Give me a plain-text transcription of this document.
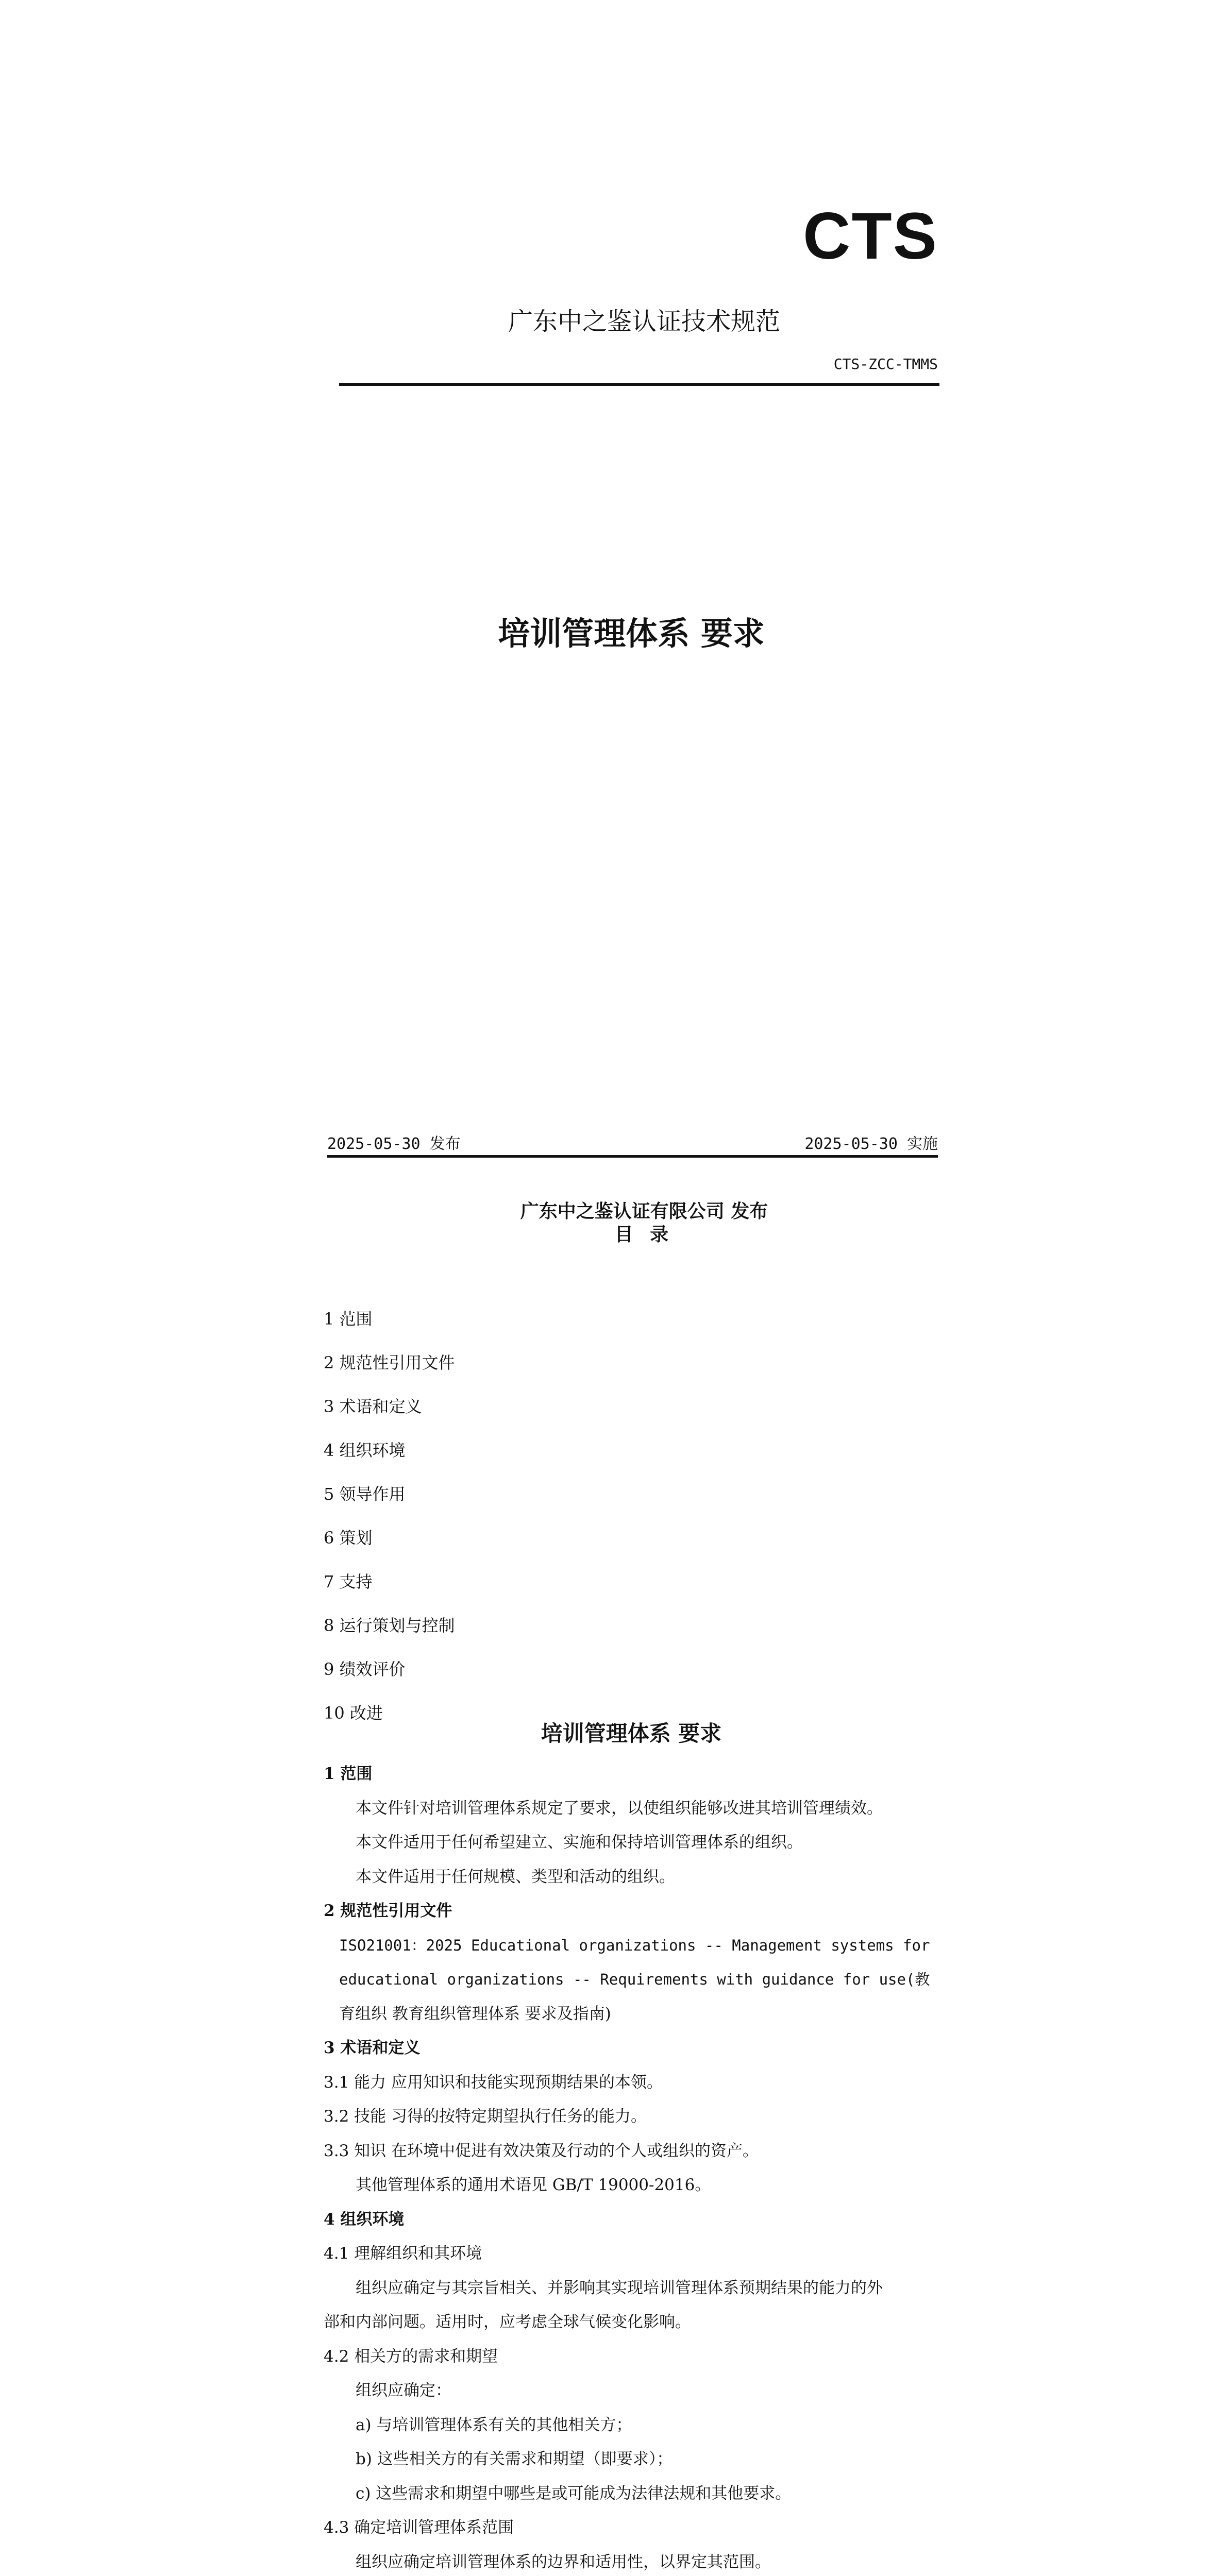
CTS
广东中之鉴认证技术规范
CTS-ZCC-TMMS
培训管理体系 要求
2025-05-30 发布	2025-05-30 实施
广东中之鉴认证有限公司 发布
目 录
1 范围
2 规范性引用文件
3 术语和定义
4 组织环境
5 领导作用
6 策划
7 支持
8 运行策划与控制
9 绩效评价
10 改进
培训管理体系 要求
1 范围
本文件针对培训管理体系规定了要求，以使组织能够改进其培训管理绩效。
本文件适用于任何希望建立、实施和保持培训管理体系的组织。
本文件适用于任何规模、类型和活动的组织。
2 规范性引用文件
ISO21001：2025 Educational organizations -- Management systems for
educational organizations -- Requirements with guidance for use(教
育组织 教育组织管理体系 要求及指南)
3 术语和定义
3.1 能力 应用知识和技能实现预期结果的本领。
3.2 技能 习得的按特定期望执行任务的能力。
3.3 知识 在环境中促进有效决策及行动的个人或组织的资产。
其他管理体系的通用术语见 GB/T 19000-2016。
4 组织环境
4.1 理解组织和其环境
组织应确定与其宗旨相关、并影响其实现培训管理体系预期结果的能力的外
部和内部问题。适用时，应考虑全球气候变化影响。
4.2 相关方的需求和期望
组织应确定：
a) 与培训管理体系有关的其他相关方；
b) 这些相关方的有关需求和期望（即要求）；
c) 这些需求和期望中哪些是或可能成为法律法规和其他要求。
4.3 确定培训管理体系范围
组织应确定培训管理体系的边界和适用性，以界定其范围。
